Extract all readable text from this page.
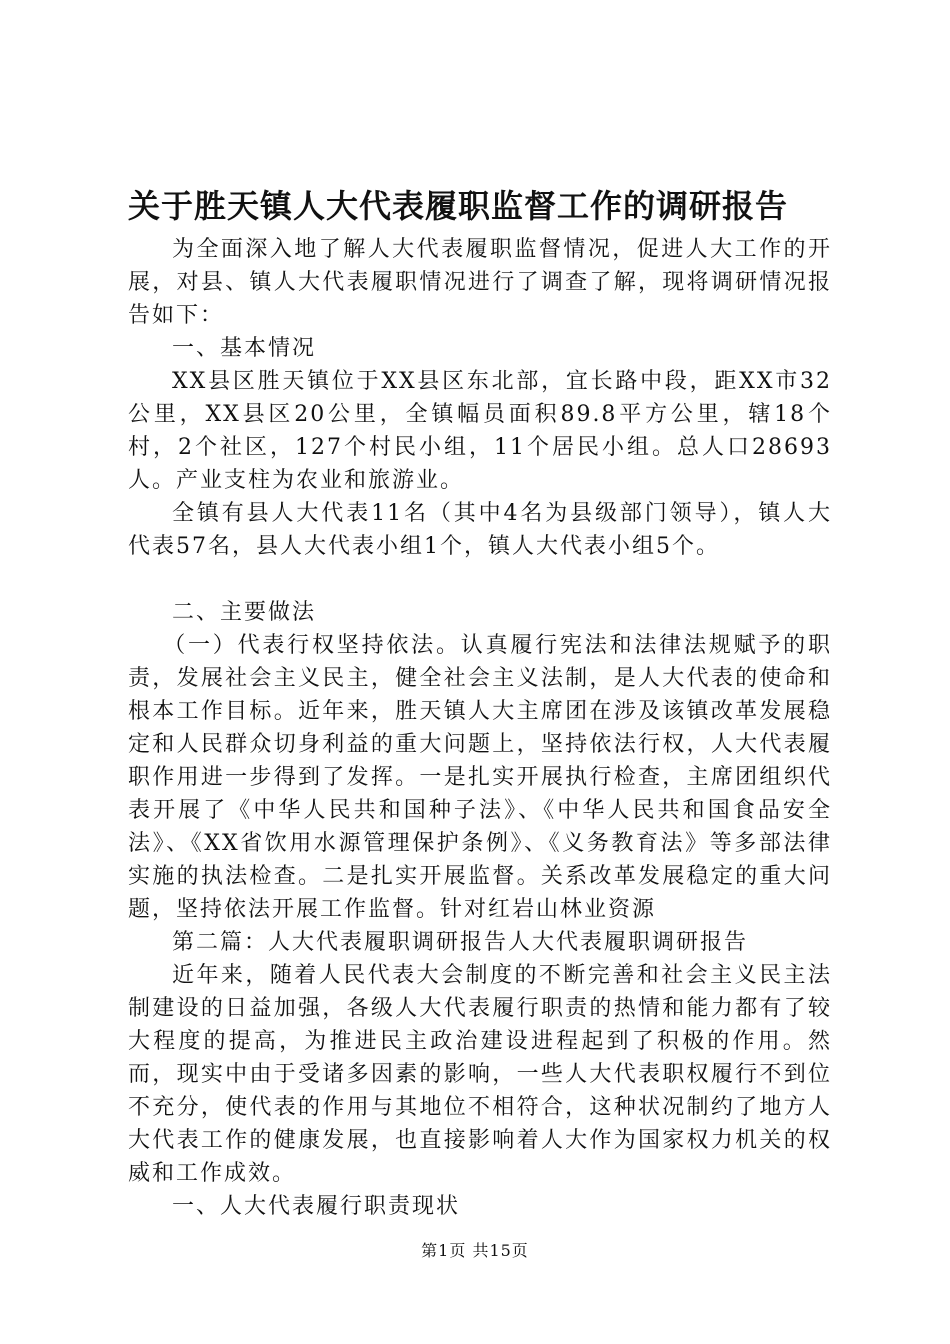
关于胜天镇人大代表履职监督工作的调研报告

为全面深入地了解人大代表履职监督情况，促进人大工作的开展，对县、镇人大代表履职情况进行了调查了解，现将调研情况报告如下：

一、基本情况

XX县区胜天镇位于XX县区东北部，宜长路中段，距XX市32公里，XX县区20公里，全镇幅员面积89.8平方公里，辖18个村，2个社区，127个村民小组，11个居民小组。总人口28693人。产业支柱为农业和旅游业。

全镇有县人大代表11名（其中4名为县级部门领导），镇人大代表57名，县人大代表小组1个，镇人大代表小组5个。

二、主要做法

（一）代表行权坚持依法。认真履行宪法和法律法规赋予的职责，发展社会主义民主，健全社会主义法制，是人大代表的使命和根本工作目标。近年来，胜天镇人大主席团在涉及该镇改革发展稳定和人民群众切身利益的重大问题上，坚持依法行权，人大代表履职作用进一步得到了发挥。一是扎实开展执行检查，主席团组织代表开展了《中华人民共和国种子法》、《中华人民共和国食品安全法》、《XX省饮用水源管理保护条例》、《义务教育法》等多部法律实施的执法检查。二是扎实开展监督。关系改革发展稳定的重大问题，坚持依法开展工作监督。针对红岩山林业资源

第二篇：人大代表履职调研报告人大代表履职调研报告

近年来，随着人民代表大会制度的不断完善和社会主义民主法制建设的日益加强，各级人大代表履行职责的热情和能力都有了较大程度的提高，为推进民主政治建设进程起到了积极的作用。然而，现实中由于受诸多因素的影响，一些人大代表职权履行不到位不充分，使代表的作用与其地位不相符合，这种状况制约了地方人大代表工作的健康发展，也直接影响着人大作为国家权力机关的权威和工作成效。

一、人大代表履行职责现状

第1页 共15页
